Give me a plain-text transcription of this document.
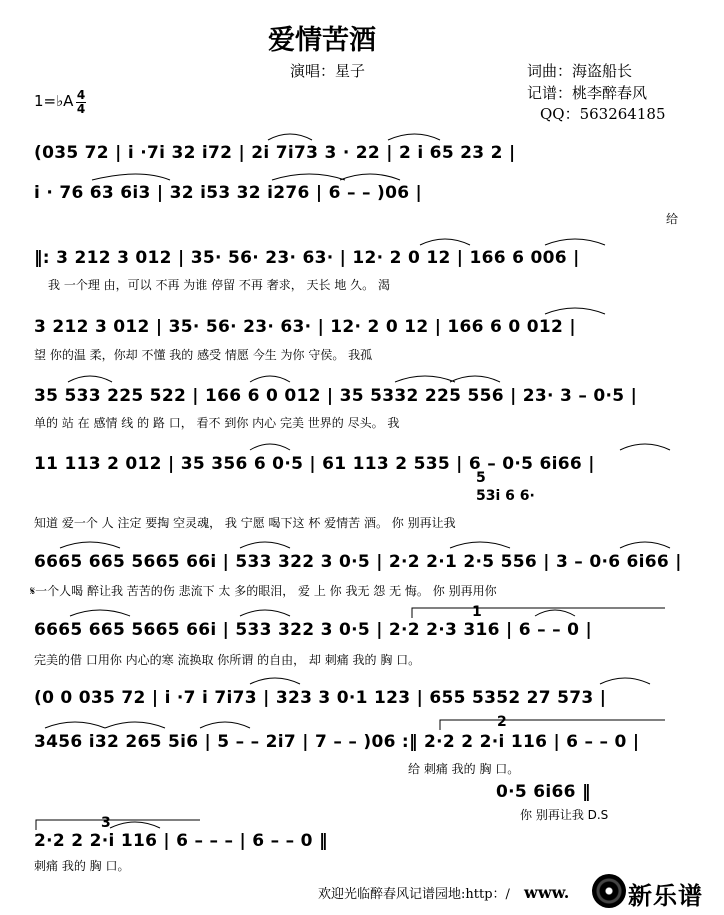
爱情苦酒
演唱：星子	词曲：海盗船长
记谱：桃李醉春风
QQ：563264185
1=♭A 4
4
(035 72 | i ·7i 32 i72 | 2i 7i73 3 · 22 | 2 i 65 23 2 |
i · 76 63 6i3 | 32 i53 32 i276 | 6 – – )06 |
给
‖: 3 212 3 012 | 35· 56· 23· 63· | 12· 2 0 12 | 166 6 006 |
我 一个理 由，可以 不再 为谁 停留 不再 奢求， 天长 地 久。 渴
3 212 3 012 | 35· 56· 23· 63· | 12· 2 0 12 | 166 6 0 012 |
望 你的温 柔，你却 不懂 我的 感受 情愿 今生 为你 守侯。 我孤
35 533 225 522 | 166 6 0 012 | 35 5332 225 556 | 23· 3 – 0·5 |
单的 站 在 感情 线 的 路 口， 看不 到你 内心 完美 世界的 尽头。 我
11 113 2 012 | 35 356 6 0·5 | 61 113 2 535 | 6 – 0·5 6i66 |
5
53i 6 6·
知道 爱一个 人 注定 要掏 空灵魂， 我 宁愿 喝下这 杯 爱情苦 酒。 你 别再让我
6665 665 5665 66i | 533 322 3 0·5 | 2·2 2·1 2·5 556 | 3 – 0·6 6i66 |
𝄋一个人喝 醉让我 苦苦的伤 悲流下 太 多的眼泪， 爱 上 你 我无 怨 无 悔。 你 别再用你
1
6665 665 5665 66i | 533 322 3 0·5 | 2·2 2·3 316 | 6 – – 0 |
完美的借 口用你 内心的寒 流换取 你所谓 的自由， 却 刺痛 我的 胸 口。
(0 0 035 72 | i ·7 i 7i73 | 323 3 0·1 123 | 655 5352 27 573 |
2
3456 i32 265 5i6 | 5 – – 2i7 | 7 – – )06 :‖ 2·2 2 2·i 116 | 6 – – 0 |
给 刺痛 我的 胸 口。
0·5 6i66 ‖
你 别再让我 D.S
3
2·2 2 2·i 116 | 6 – – – | 6 – – 0 ‖
刺痛 我的 胸 口。
欢迎光临醉春风记谱园地:http：/ www. 新乐谱
